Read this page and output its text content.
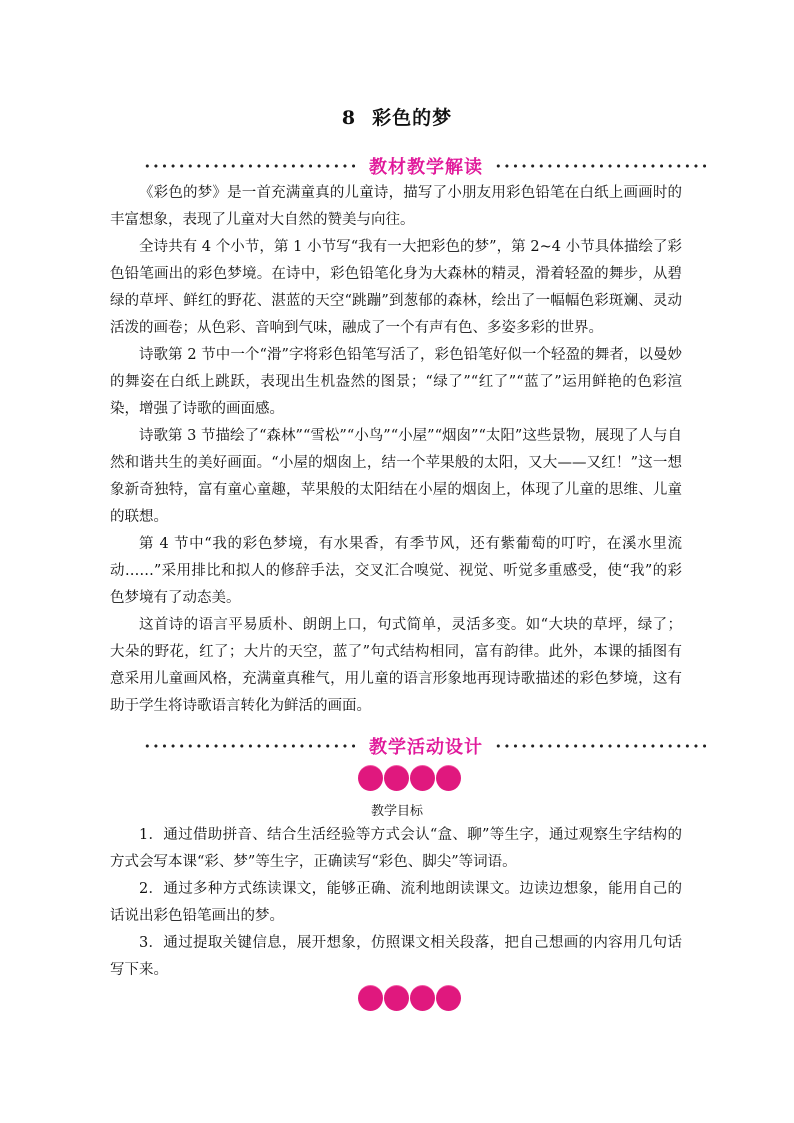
8 彩色的梦
教材教学解读

《彩色的梦》是一首充满童真的儿童诗，描写了小朋友用彩色铅笔在白纸上画画时的丰富想象，表现了儿童对大自然的赞美与向往。

全诗共有 4 个小节，第 1 小节写“我有一大把彩色的梦”，第 2~4 小节具体描绘了彩色铅笔画出的彩色梦境。在诗中，彩色铅笔化身为大森林的精灵，滑着轻盈的舞步，从碧绿的草坪、鲜红的野花、湛蓝的天空“跳蹦”到葱郁的森林，绘出了一幅幅色彩斑斓、灵动活泼的画卷；从色彩、音响到气味，融成了一个有声有色、多姿多彩的世界。

诗歌第 2 节中一个“滑”字将彩色铅笔写活了，彩色铅笔好似一个轻盈的舞者，以曼妙的舞姿在白纸上跳跃，表现出生机盎然的图景；“绿了”“红了”“蓝了”运用鲜艳的色彩渲染，增强了诗歌的画面感。

诗歌第 3 节描绘了“森林”“雪松”“小鸟”“小屋”“烟囱”“太阳”这些景物，展现了人与自然和谐共生的美好画面。“小屋的烟囱上，结一个苹果般的太阳，又大——又红！”这一想象新奇独特，富有童心童趣，苹果般的太阳结在小屋的烟囱上，体现了儿童的思维、儿童的联想。

第 4 节中“我的彩色梦境，有水果香，有季节风，还有紫葡萄的叮咛，在溪水里流动……”采用排比和拟人的修辞手法，交叉汇合嗅觉、视觉、听觉多重感受，使“我”的彩色梦境有了动态美。

这首诗的语言平易质朴、朗朗上口，句式简单，灵活多变。如“大块的草坪，绿了；大朵的野花，红了；大片的天空，蓝了”句式结构相同，富有韵律。此外，本课的插图有意采用儿童画风格，充满童真稚气，用儿童的语言形象地再现诗歌描述的彩色梦境，这有助于学生将诗歌语言转化为鲜活的画面。

教学活动设计
教学目标

1．通过借助拼音、结合生活经验等方式会认“盒、聊”等生字，通过观察生字结构的方式会写本课“彩、梦”等生字，正确读写“彩色、脚尖”等词语。

2．通过多种方式练读课文，能够正确、流利地朗读课文。边读边想象，能用自己的话说出彩色铅笔画出的梦。

3．通过提取关键信息，展开想象，仿照课文相关段落，把自己想画的内容用几句话写下来。
